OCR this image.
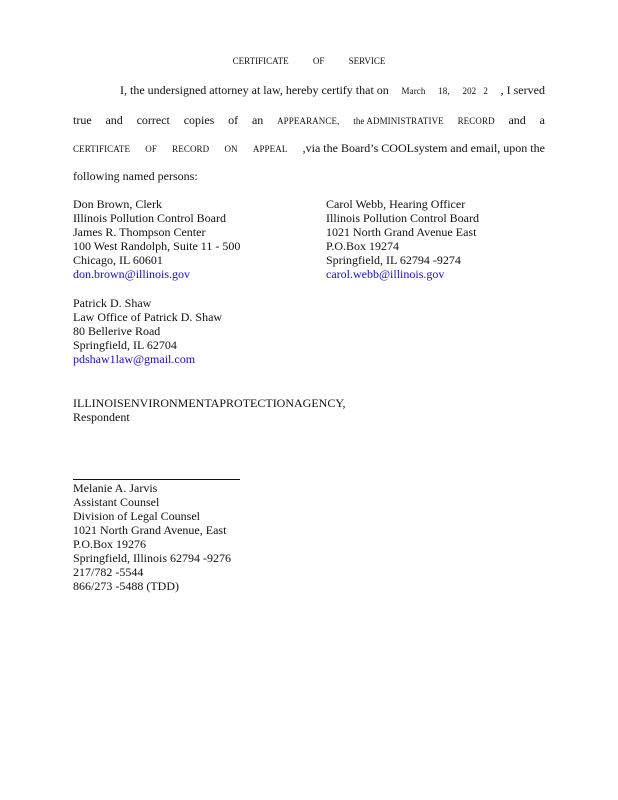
CERTIFICATE OF SERVICE
I, the undersigned attorney at law, hereby certify that on March 18, 202   2 , I served
true and correct copies of an APPEARANCE, the ADMINISTRATIVE RECORD and a
CERTIFICATE OF RECORD ON APPEAL ,via the Board’s COOLsystem and email, upon the
following named persons:
Don Brown, Clerk
Illinois Pollution Control Board
James R. Thompson Center
100 West Randolph, Suite 11 - 500
Chicago, IL 60601
don.brown@illinois.gov
Carol Webb, Hearing Officer
Illinois Pollution Control Board
1021 North Grand Avenue East
P.O.Box 19274
Springfield, IL 62794 -9274
carol.webb@illinois.gov
Patrick D. Shaw
Law Office of Patrick D. Shaw
80 Bellerive Road
Springfield, IL 62704
pdshaw1law@gmail.com
ILLINOISENVIRONMENTAPROTECTIONAGENCY,
Respondent
Melanie A. Jarvis
Assistant Counsel
Division of Legal Counsel
1021 North Grand Avenue, East
P.O.Box 19276
Springfield, Illinois 62794 -9276
217/782 -5544
866/273 -5488 (TDD)
